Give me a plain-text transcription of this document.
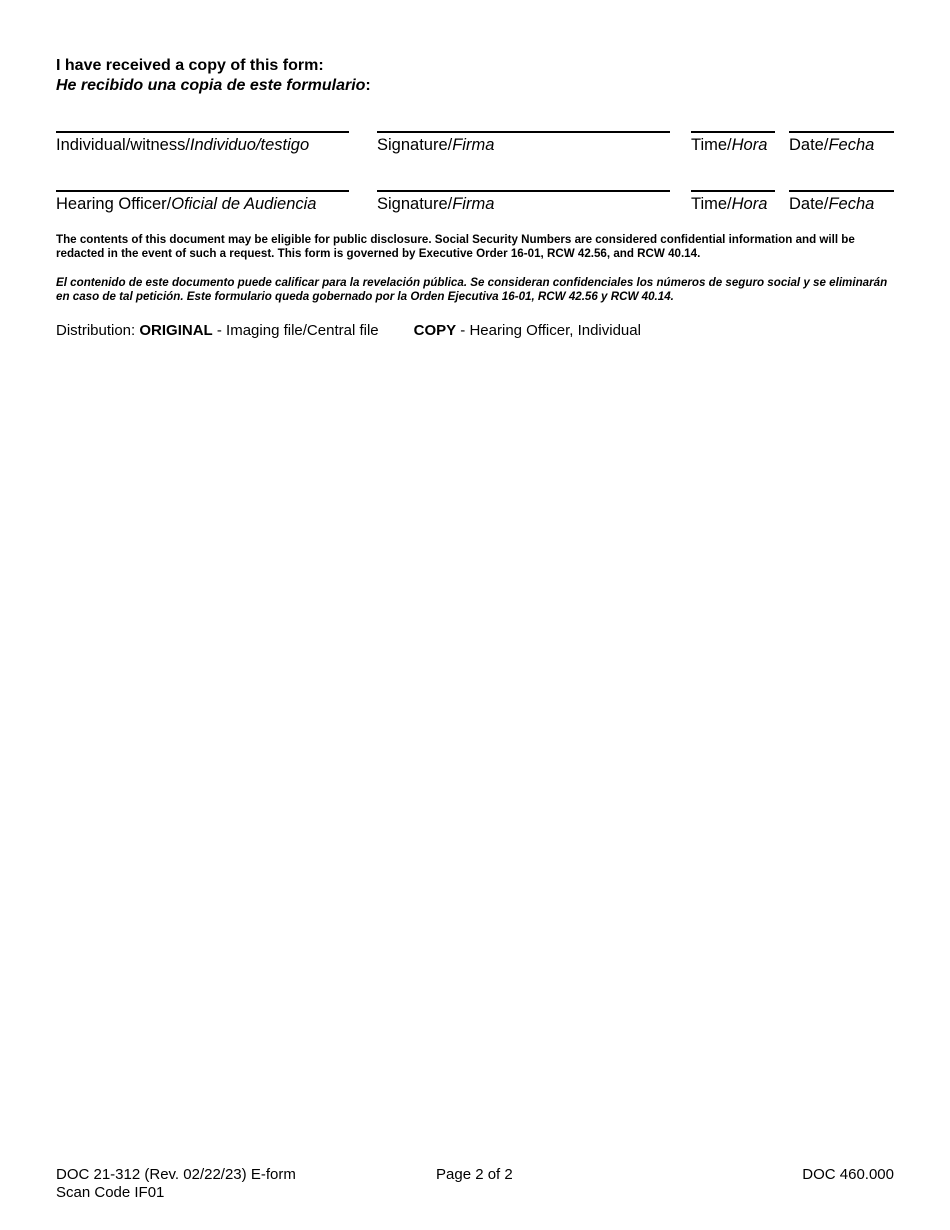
I have received a copy of this form:
He recibido una copia de este formulario:
Individual/witness/Individuo/testigo	Signature/Firma	Time/Hora	Date/Fecha
Hearing Officer/Oficial de Audiencia	Signature/Firma	Time/Hora	Date/Fecha
The contents of this document may be eligible for public disclosure. Social Security Numbers are considered confidential information and will be redacted in the event of such a request. This form is governed by Executive Order 16-01, RCW 42.56, and RCW 40.14.
El contenido de este documento puede calificar para la revelación pública. Se consideran confidenciales los números de seguro social y se eliminarán en caso de tal petición. Este formulario queda gobernado por la Orden Ejecutiva 16-01, RCW 42.56 y RCW 40.14.
Distribution: ORIGINAL - Imaging file/Central file COPY - Hearing Officer, Individual
DOC 21-312 (Rev. 02/22/23) E-form
Scan Code IF01
Page 2 of 2	DOC 460.000
